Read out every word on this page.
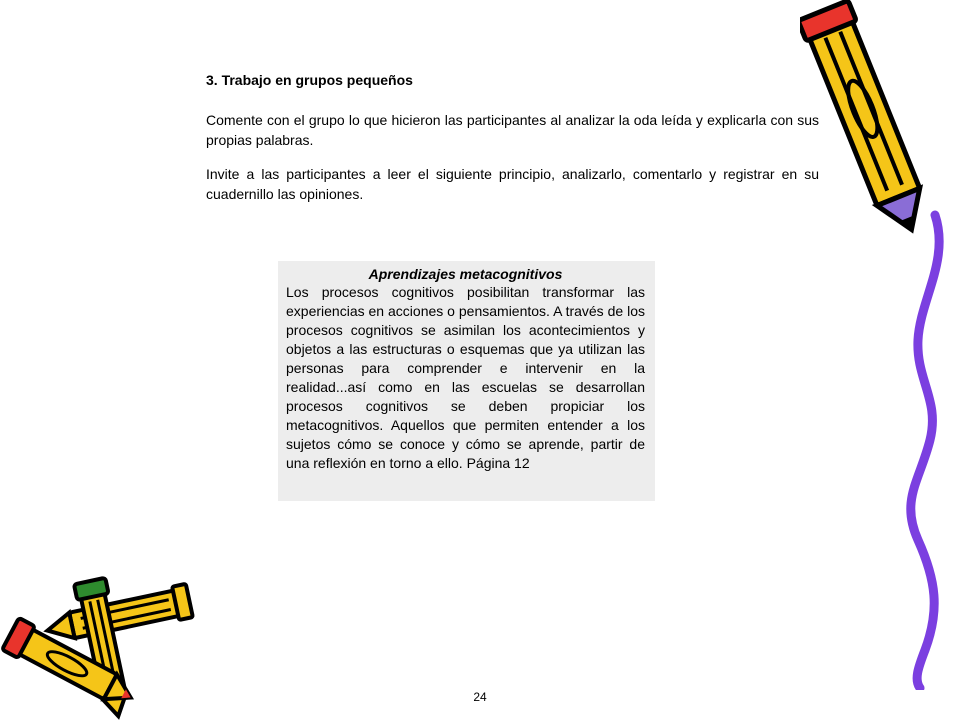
3. Trabajo en grupos pequeños

Comente con el grupo lo que hicieron las participantes al analizar la oda leída y explicarla con sus propias palabras.

Invite a las participantes a leer el siguiente principio, analizarlo, comentarlo y registrar en su cuadernillo las opiniones.

Aprendizajes metacognitivos

Los procesos cognitivos posibilitan transformar las experiencias en acciones o pensamientos. A través de los procesos cognitivos se asimilan los acontecimientos y objetos a las estructuras o esquemas que ya utilizan las personas para comprender e intervenir en la realidad...así como en las escuelas se desarrollan procesos cognitivos se deben propiciar los metacognitivos. Aquellos que permiten entender a los sujetos cómo se conoce y cómo se aprende, partir de una reflexión en torno a ello. Página 12

24
